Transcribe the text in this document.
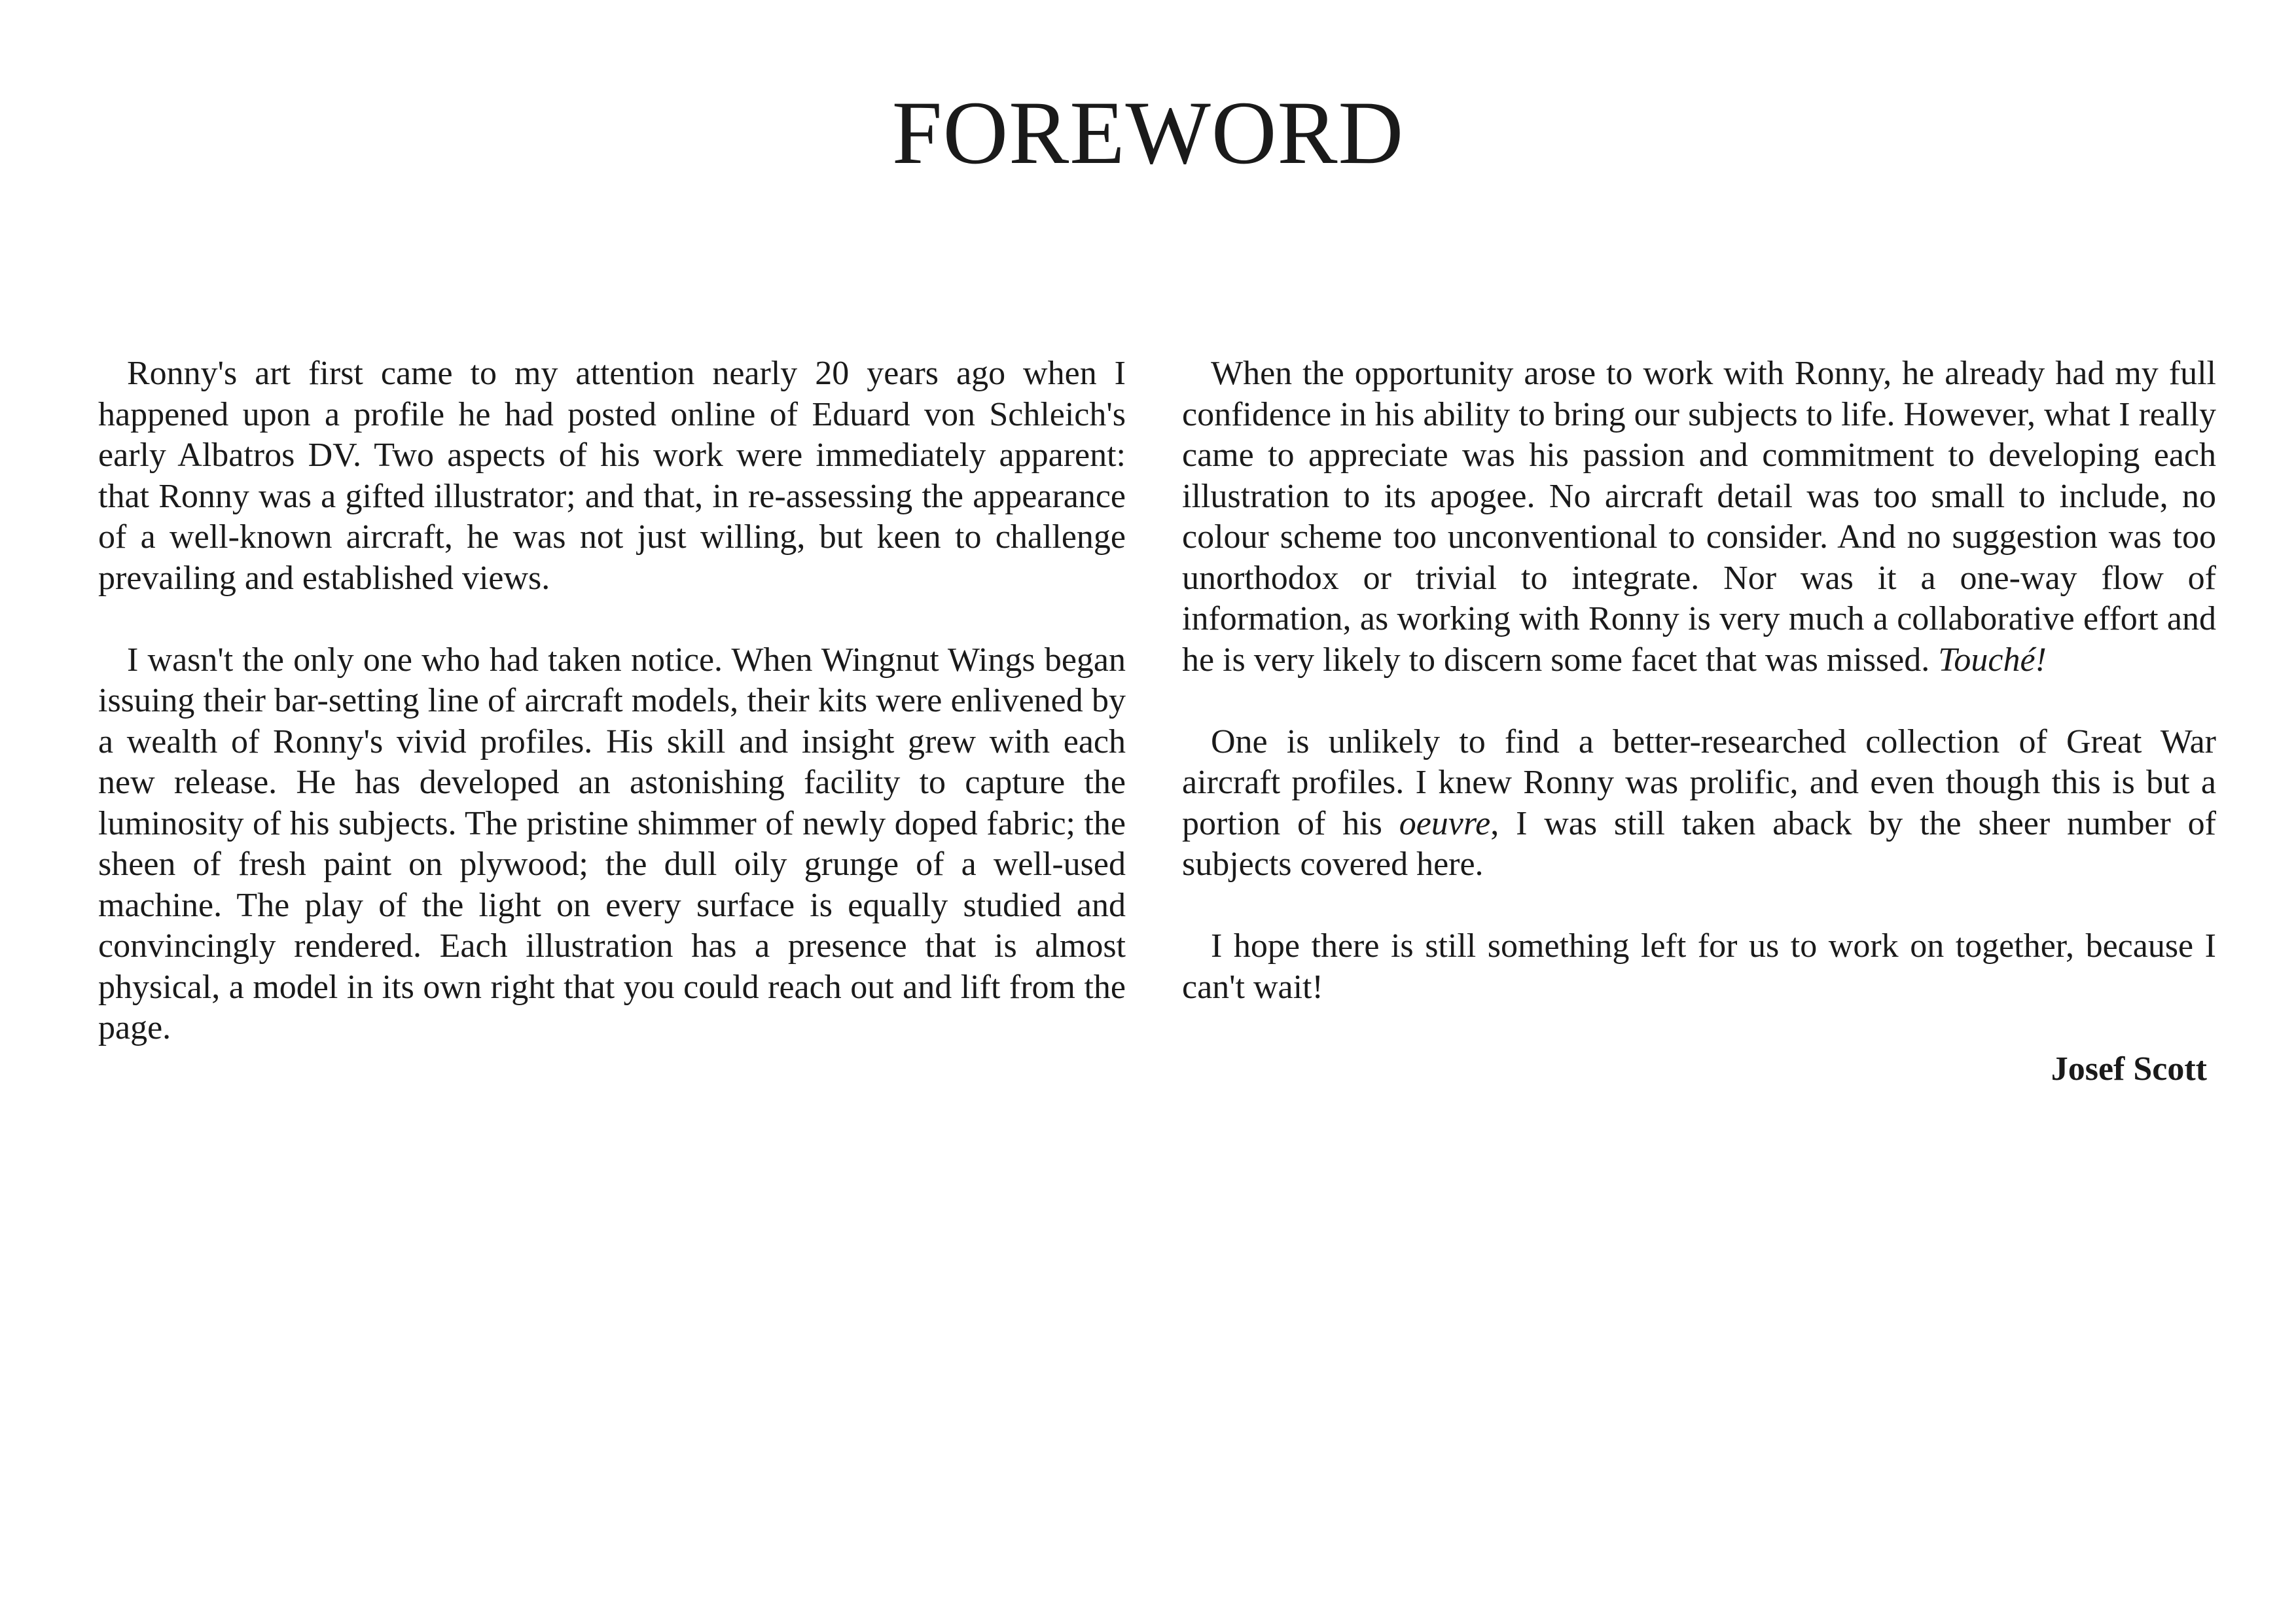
FOREWORD

Ronny's art first came to my attention nearly 20 years ago when I happened upon a profile he had posted online of Eduard von Schleich's early Albatros DV. Two aspects of his work were immediately apparent: that Ronny was a gifted illustrator; and that, in re-assessing the appearance of a well-known aircraft, he was not just willing, but keen to challenge prevailing and established views.

I wasn't the only one who had taken notice. When Wingnut Wings began issuing their bar-setting line of aircraft models, their kits were enlivened by a wealth of Ronny's vivid profiles. His skill and insight grew with each new release. He has developed an astonishing facility to capture the luminosity of his subjects. The pristine shimmer of newly doped fabric; the sheen of fresh paint on plywood; the dull oily grunge of a well-used machine. The play of the light on every surface is equally studied and convincingly rendered. Each illustration has a presence that is almost physical, a model in its own right that you could reach out and lift from the page.

When the opportunity arose to work with Ronny, he already had my full confidence in his ability to bring our subjects to life. However, what I really came to appreciate was his passion and commitment to developing each illustration to its apogee. No aircraft detail was too small to include, no colour scheme too unconventional to consider. And no suggestion was too unorthodox or trivial to integrate. Nor was it a one-way flow of information, as working with Ronny is very much a collaborative effort and he is very likely to discern some facet that was missed. Touché!

One is unlikely to find a better-researched collection of Great War aircraft profiles. I knew Ronny was prolific, and even though this is but a portion of his oeuvre, I was still taken aback by the sheer number of subjects covered here.

I hope there is still something left for us to work on together, because I can't wait!

Josef Scott
